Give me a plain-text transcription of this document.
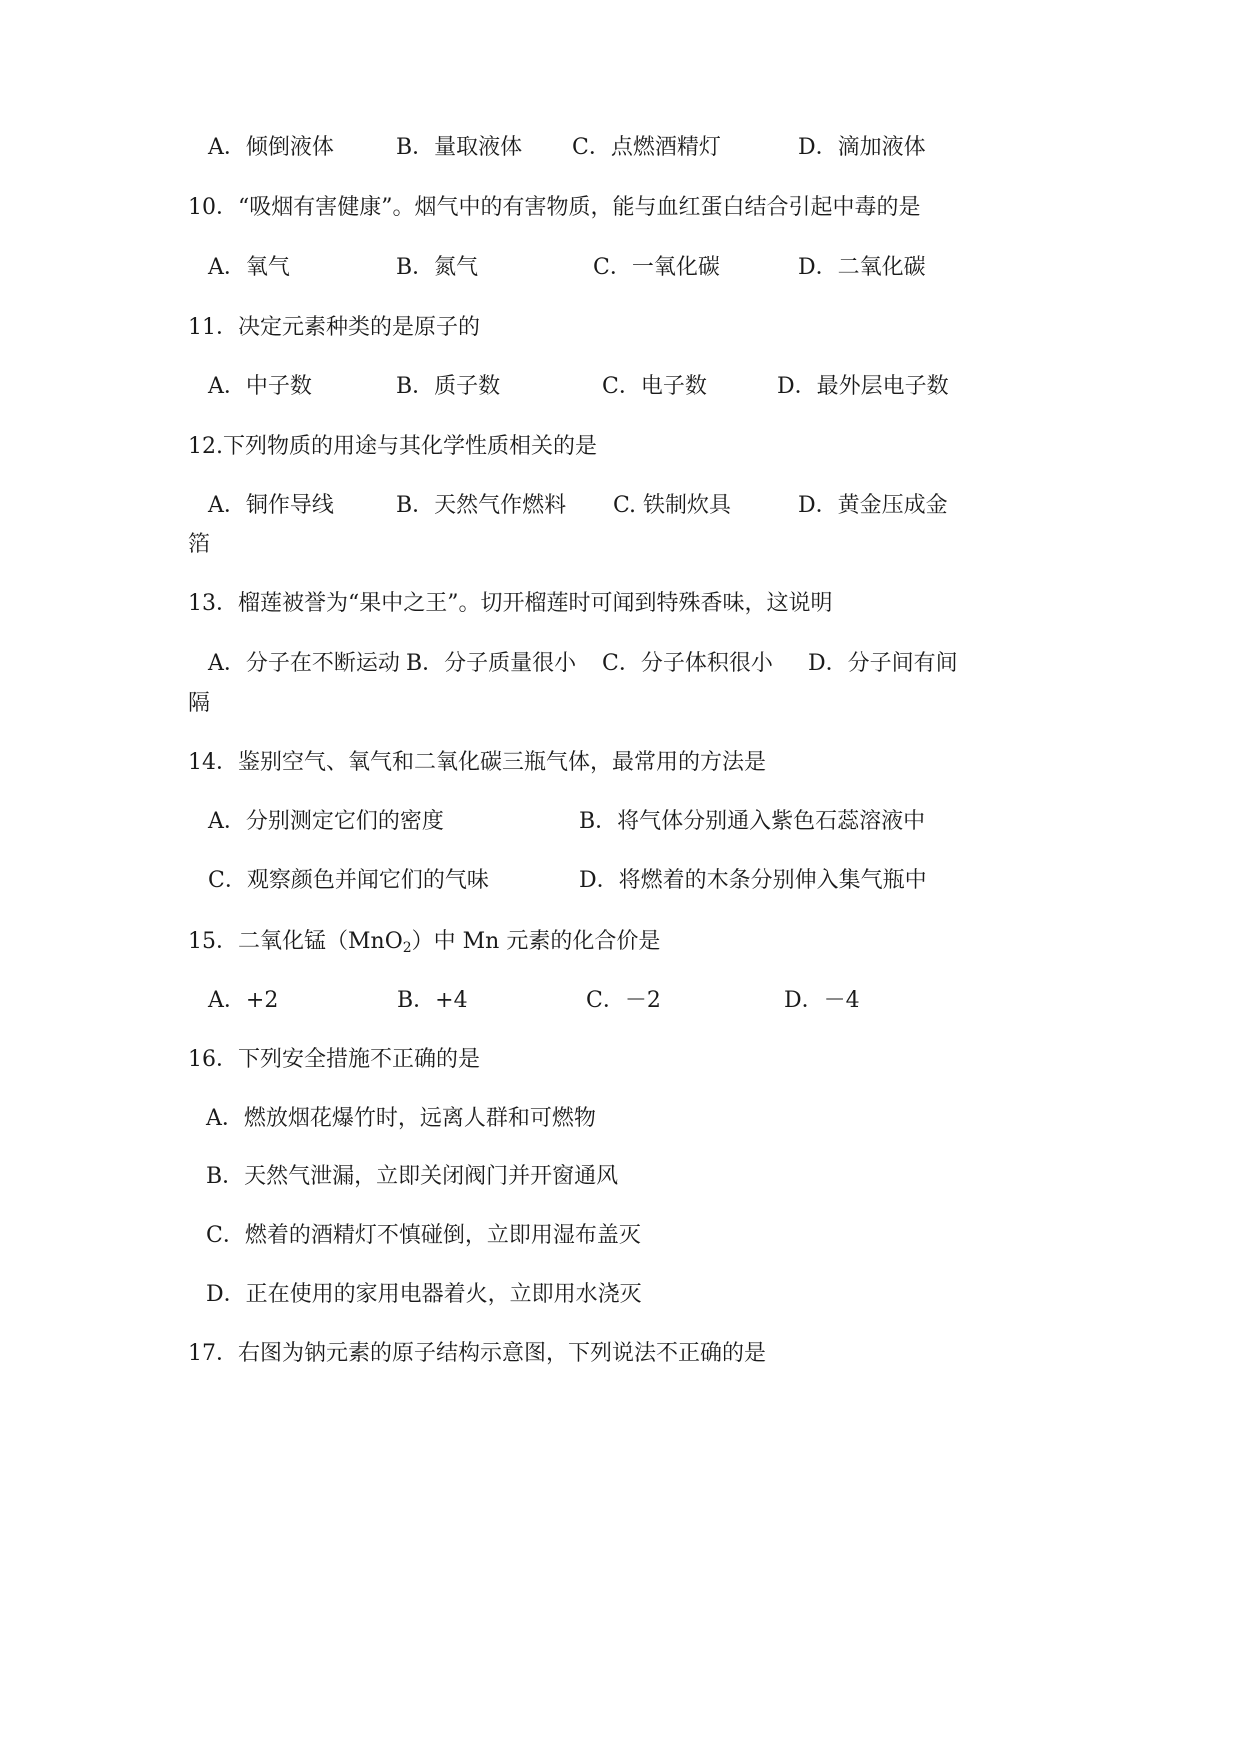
A．倾倒液体	B．量取液体 C．点燃酒精灯	D．滴加液体
10．“吸烟有害健康”。烟气中的有害物质，能与血红蛋白结合引起中毒的是
A．氧气	B．氮气	C．一氧化碳	D．二氧化碳
11．决定元素种类的是原子的
A．中子数	B．质子数	C．电子数	D．最外层电子数
12.下列物质的用途与其化学性质相关的是
A．铜作导线	B．天然气作燃料 C. 铁制炊具	D．黄金压成金
箔
13．榴莲被誉为“果中之王”。切开榴莲时可闻到特殊香味，这说明
A．分子在不断运动 B．分子质量很小 C．分子体积很小 D．分子间有间
隔
14．鉴别空气、氧气和二氧化碳三瓶气体，最常用的方法是
A．分别测定它们的密度	B．将气体分别通入紫色石蕊溶液中
C．观察颜色并闻它们的气味	D．将燃着的木条分别伸入集气瓶中
15．二氧化锰（MnO$_2$）中 Mn 元素的化合价是
A．+2	B．+4	C．－2	D．－4
16．下列安全措施不正确的是
A．燃放烟花爆竹时，远离人群和可燃物
B．天然气泄漏，立即关闭阀门并开窗通风
C．燃着的酒精灯不慎碰倒，立即用湿布盖灭
D．正在使用的家用电器着火，立即用水浇灭
17．右图为钠元素的原子结构示意图，下列说法不正确的是
